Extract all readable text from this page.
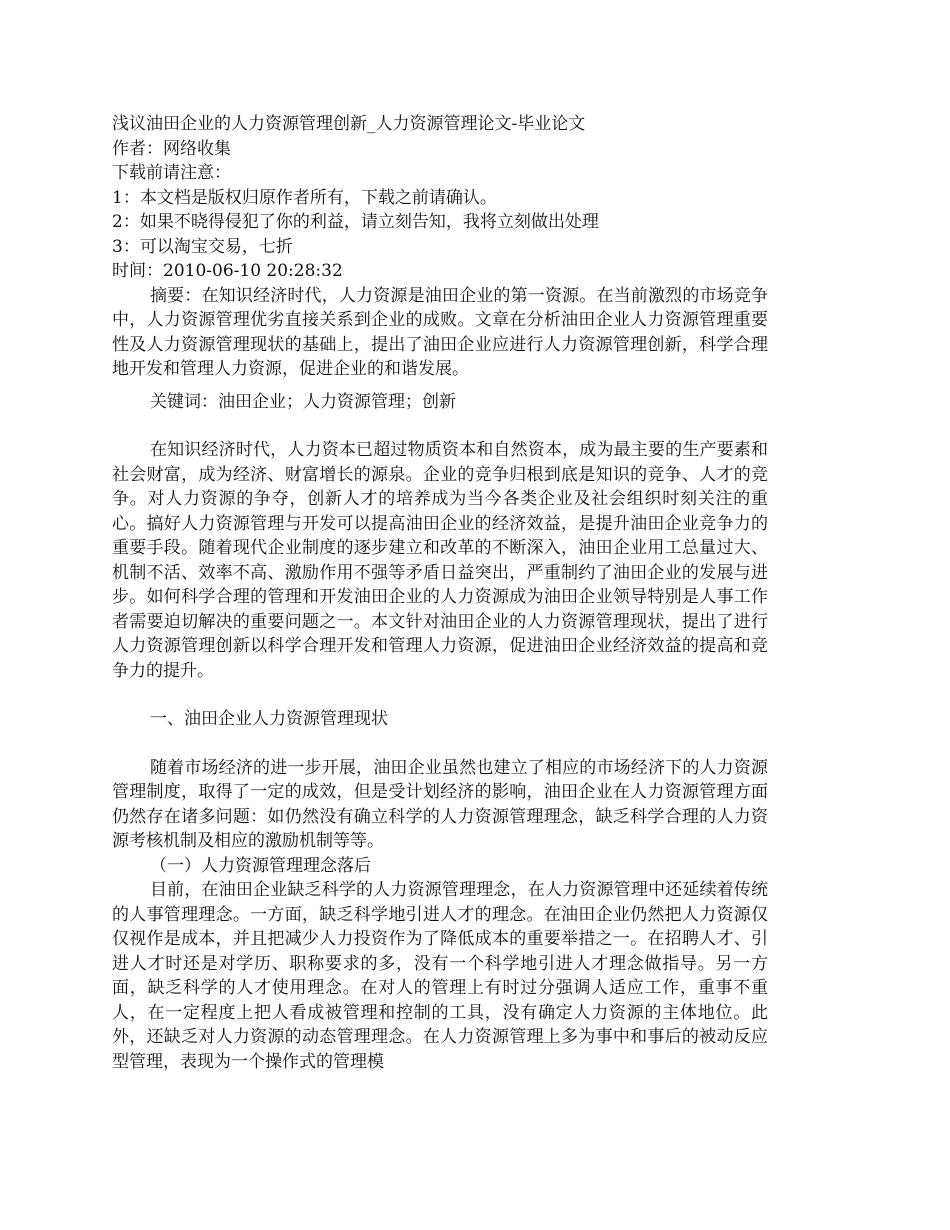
浅议油田企业的人力资源管理创新_人力资源管理论文-毕业论文

作者：网络收集

下载前请注意：

1：本文档是版权归原作者所有，下载之前请确认。

2：如果不晓得侵犯了你的利益，请立刻告知，我将立刻做出处理

3：可以淘宝交易，七折

时间：2010-06-10 20:28:32

摘要：在知识经济时代，人力资源是油田企业的第一资源。在当前激烈的市场竞争中，人力资源管理优劣直接关系到企业的成败。文章在分析油田企业人力资源管理重要性及人力资源管理现状的基础上，提出了油田企业应进行人力资源管理创新，科学合理地开发和管理人力资源，促进企业的和谐发展。

关键词：油田企业；人力资源管理；创新

在知识经济时代，人力资本已超过物质资本和自然资本，成为最主要的生产要素和社会财富，成为经济、财富增长的源泉。企业的竞争归根到底是知识的竞争、人才的竞争。对人力资源的争夺，创新人才的培养成为当今各类企业及社会组织时刻关注的重心。搞好人力资源管理与开发可以提高油田企业的经济效益，是提升油田企业竞争力的重要手段。随着现代企业制度的逐步建立和改革的不断深入，油田企业用工总量过大、机制不活、效率不高、激励作用不强等矛盾日益突出，严重制约了油田企业的发展与进步。如何科学合理的管理和开发油田企业的人力资源成为油田企业领导特别是人事工作者需要迫切解决的重要问题之一。本文针对油田企业的人力资源管理现状，提出了进行人力资源管理创新以科学合理开发和管理人力资源，促进油田企业经济效益的提高和竞争力的提升。

一、油田企业人力资源管理现状

随着市场经济的进一步开展，油田企业虽然也建立了相应的市场经济下的人力资源管理制度，取得了一定的成效，但是受计划经济的影响，油田企业在人力资源管理方面仍然存在诸多问题：如仍然没有确立科学的人力资源管理理念，缺乏科学合理的人力资源考核机制及相应的激励机制等等。

（一）人力资源管理理念落后

目前，在油田企业缺乏科学的人力资源管理理念，在人力资源管理中还延续着传统的人事管理理念。一方面，缺乏科学地引进人才的理念。在油田企业仍然把人力资源仅仅视作是成本，并且把减少人力投资作为了降低成本的重要举措之一。在招聘人才、引进人才时还是对学历、职称要求的多，没有一个科学地引进人才理念做指导。另一方面，缺乏科学的人才使用理念。在对人的管理上有时过分强调人适应工作，重事不重人，在一定程度上把人看成被管理和控制的工具，没有确定人力资源的主体地位。此外，还缺乏对人力资源的动态管理理念。在人力资源管理上多为事中和事后的被动反应型管理，表现为一个操作式的管理模
